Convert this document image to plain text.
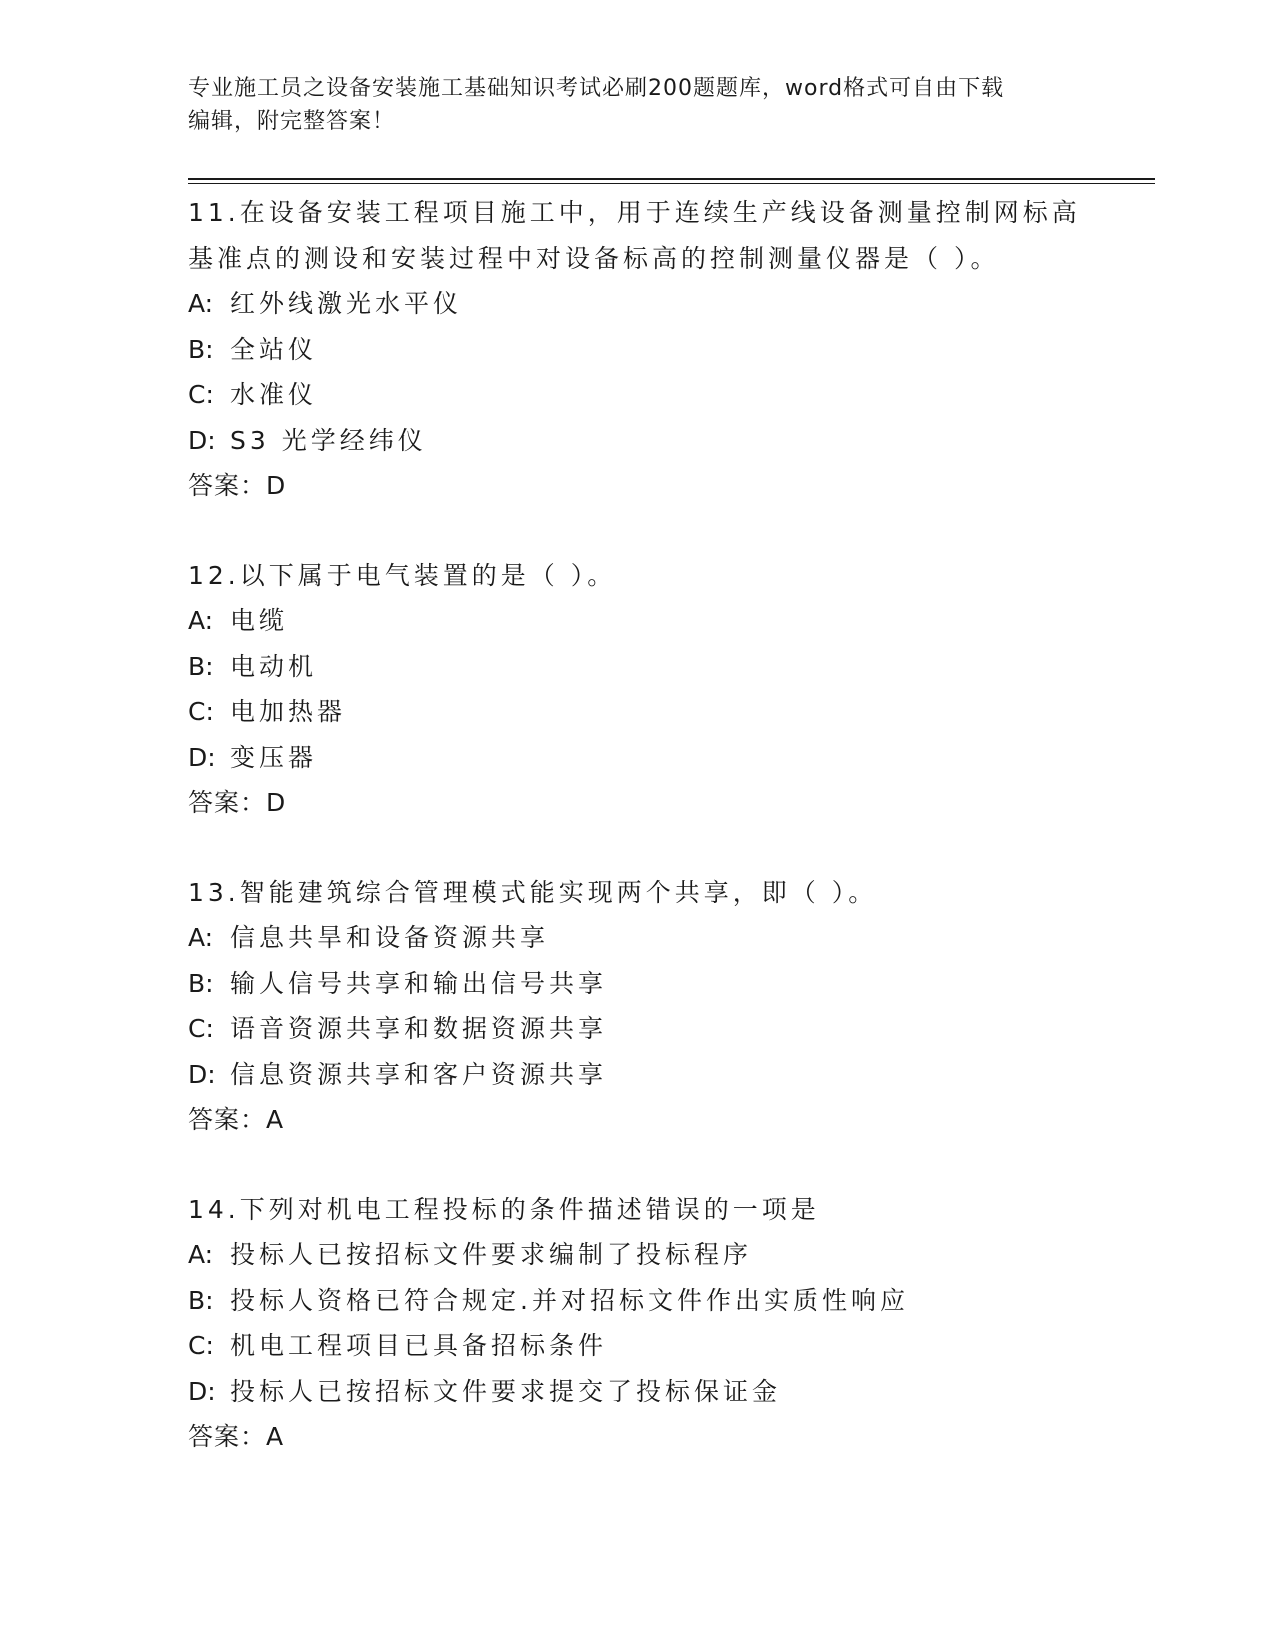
专业施工员之设备安装施工基础知识考试必刷200题题库，word格式可自由下载
编辑，附完整答案！
11.在设备安装工程项目施工中，用于连续生产线设备测量控制网标高
基准点的测设和安装过程中对设备标高的控制测量仪器是（ ）。
A: 红外线激光水平仪
B: 全站仪
C: 水准仪
D: S3 光学经纬仪
答案：D
12.以下属于电气装置的是（ ）。
A: 电缆
B: 电动机
C: 电加热器
D: 变压器
答案：D
13.智能建筑综合管理模式能实现两个共享，即（ ）。
A: 信息共旱和设备资源共享
B: 输人信号共享和输出信号共享
C: 语音资源共享和数据资源共享
D: 信息资源共享和客户资源共享
答案：A
14.下列对机电工程投标的条件描述错误的一项是
A: 投标人已按招标文件要求编制了投标程序
B: 投标人资格已符合规定.并对招标文件作出实质性响应
C: 机电工程项目已具备招标条件
D: 投标人已按招标文件要求提交了投标保证金
答案：A
